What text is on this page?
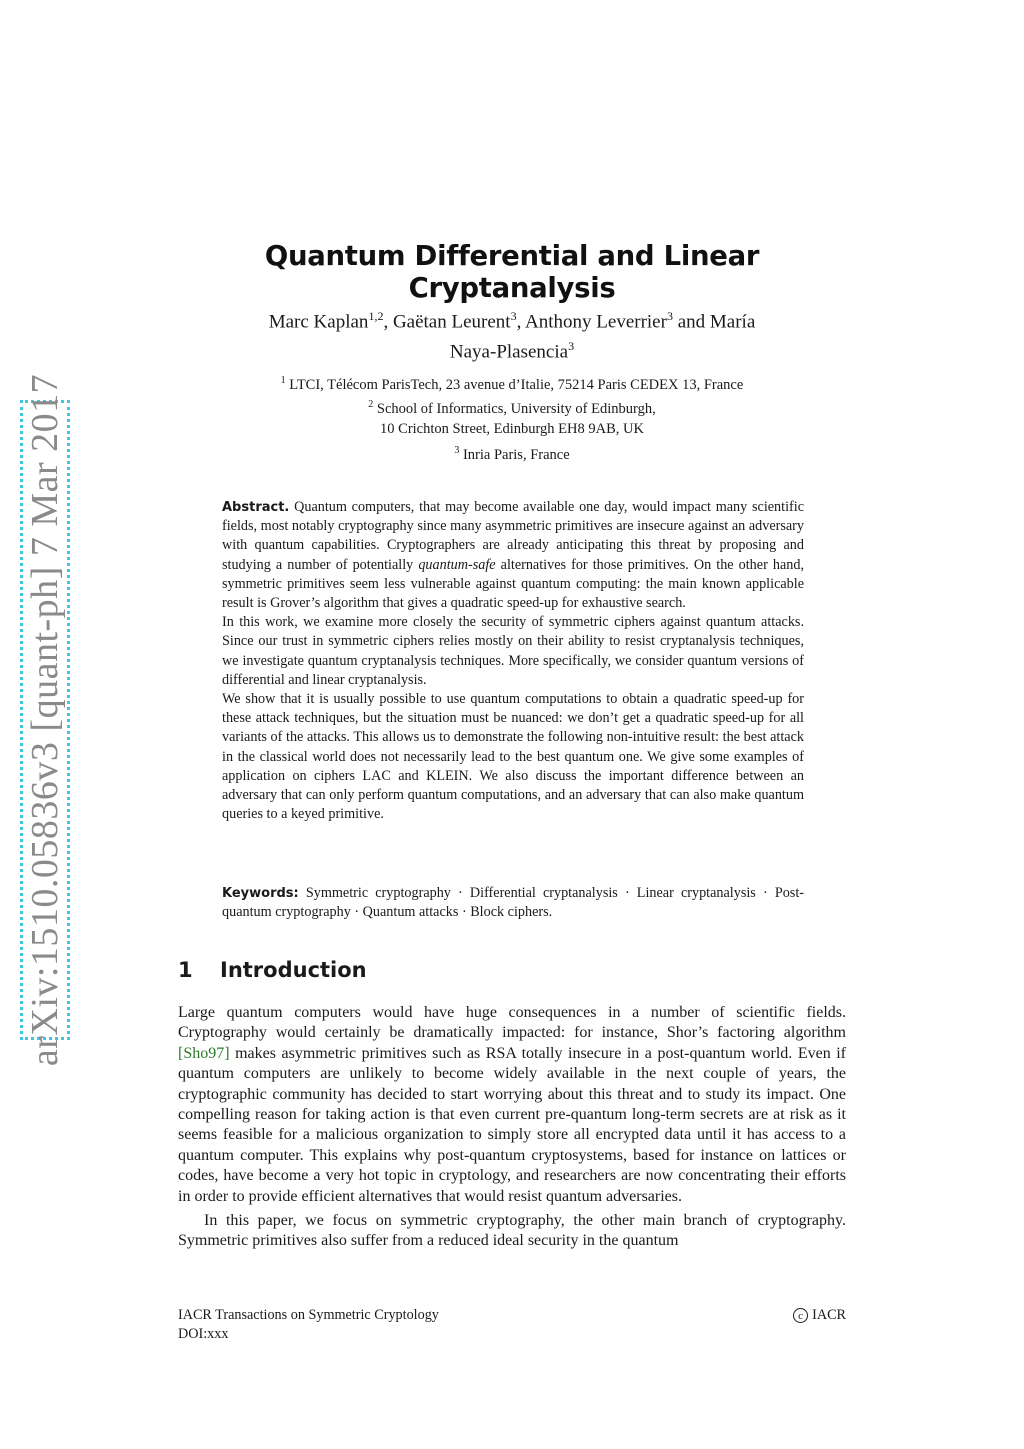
arXiv:1510.05836v3 [quant-ph] 7 Mar 2017
Quantum Differential and Linear Cryptanalysis
Marc Kaplan$^{1,2}$, Gaëtan Leurent$^3$, Anthony Leverrier$^3$ and María
Naya-Plasencia$^3$
$^1$ LTCI, Télécom ParisTech, 23 avenue d’Italie, 75214 Paris CEDEX 13, France
$^2$ School of Informatics, University of Edinburgh,
10 Crichton Street, Edinburgh EH8 9AB, UK
$^3$ Inria Paris, France

Abstract. Quantum computers, that may become available one day, would impact many scientific fields, most notably cryptography since many asymmetric primitives are insecure against an adversary with quantum capabilities. Cryptographers are already anticipating this threat by proposing and studying a number of potentially quantum-safe alternatives for those primitives. On the other hand, symmetric primitives seem less vulnerable against quantum computing: the main known applicable result is Grover’s algorithm that gives a quadratic speed-up for exhaustive search.

In this work, we examine more closely the security of symmetric ciphers against quantum attacks. Since our trust in symmetric ciphers relies mostly on their ability to resist cryptanalysis techniques, we investigate quantum cryptanalysis techniques. More specifically, we consider quantum versions of differential and linear cryptanalysis.

We show that it is usually possible to use quantum computations to obtain a quadratic speed-up for these attack techniques, but the situation must be nuanced: we don’t get a quadratic speed-up for all variants of the attacks. This allows us to demonstrate the following non-intuitive result: the best attack in the classical world does not necessarily lead to the best quantum one. We give some examples of application on ciphers LAC and KLEIN. We also discuss the important difference between an adversary that can only perform quantum computations, and an adversary that can also make quantum queries to a keyed primitive.

Keywords: Symmetric cryptography · Differential cryptanalysis · Linear cryptanalysis · Post-quantum cryptography · Quantum attacks · Block ciphers.
1 Introduction

Large quantum computers would have huge consequences in a number of scientific fields. Cryptography would certainly be dramatically impacted: for instance, Shor’s factoring algorithm [Sho97] makes asymmetric primitives such as RSA totally insecure in a post-quantum world. Even if quantum computers are unlikely to become widely available in the next couple of years, the cryptographic community has decided to start worrying about this threat and to study its impact. One compelling reason for taking action is that even current pre-quantum long-term secrets are at risk as it seems feasible for a malicious organization to simply store all encrypted data until it has access to a quantum computer. This explains why post-quantum cryptosystems, based for instance on lattices or codes, have become a very hot topic in cryptology, and researchers are now concentrating their efforts in order to provide efficient alternatives that would resist quantum adversaries.

In this paper, we focus on symmetric cryptography, the other main branch of cryptography. Symmetric primitives also suffer from a reduced ideal security in the quantum

IACR Transactions on Symmetric Cryptology
DOI:xxx
c IACR
